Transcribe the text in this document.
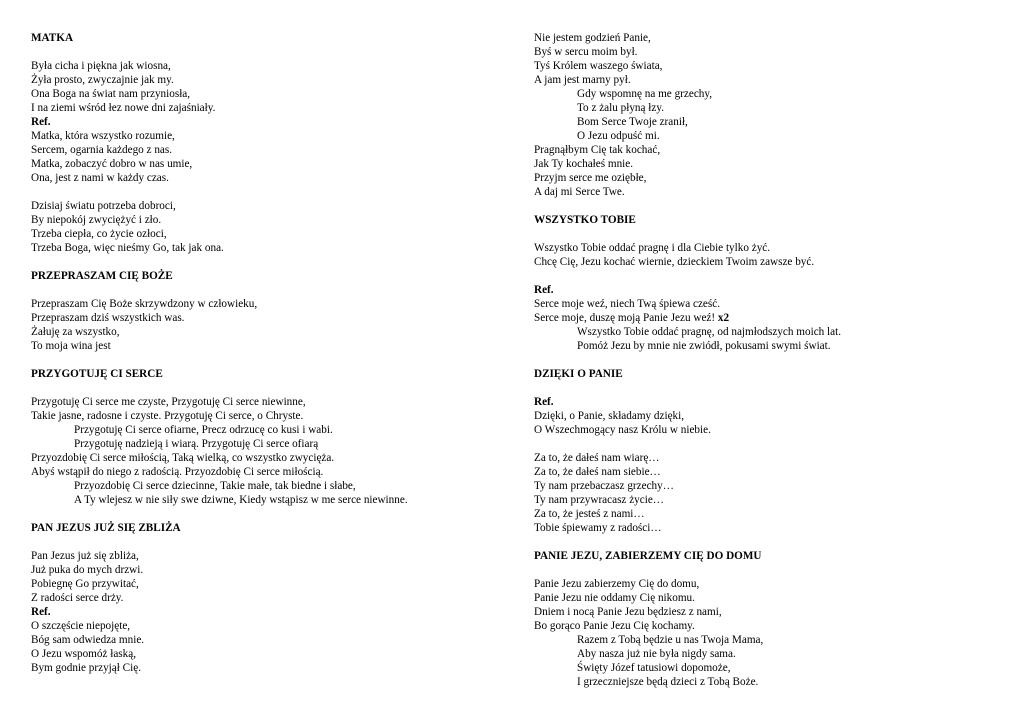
MATKA
Była cicha i piękna jak wiosna,
Żyła prosto, zwyczajnie jak my.
Ona Boga na świat nam przyniosła,
I na ziemi wśród łez nowe dni zajaśniały.
Ref.
Matka, która wszystko rozumie,
Sercem, ogarnia każdego z nas.
Matka, zobaczyć dobro w nas umie,
Ona, jest z nami w każdy czas.
Dzisiaj światu potrzeba dobroci,
By niepokój zwyciężyć i zło.
Trzeba ciepła, co życie ozłoci,
Trzeba Boga, więc nieśmy Go, tak jak ona.
PRZEPRASZAM CIĘ BOŻE
Przepraszam Cię Boże skrzywdzony w człowieku,
Przepraszam dziś wszystkich was.
Żałuję za wszystko,
To moja wina jest
PRZYGOTUJĘ CI SERCE
Przygotuję Ci serce me czyste, Przygotuję Ci serce niewinne,
Takie jasne, radosne i czyste. Przygotuję Ci serce, o Chryste.
Przygotuję Ci serce ofiarne, Precz odrzucę co kusi i wabi.
Przygotuję nadzieją i wiarą. Przygotuję Ci serce ofiarą
Przyozdobię Ci serce miłością, Taką wielką, co wszystko zwycięża.
Abyś wstąpił do niego z radością. Przyozdobię Ci serce miłością.
Przyozdobię Ci serce dziecinne, Takie małe, tak biedne i słabe,
A Ty wlejesz w nie siły swe dziwne, Kiedy wstąpisz w me serce niewinne.
PAN JEZUS JUŻ SIĘ ZBLIŻA
Pan Jezus już się zbliża,
Już puka do mych drzwi.
Pobiegnę Go przywitać,
Z radości serce drży.
Ref.
O szczęście niepojęte,
Bóg sam odwiedza mnie.
O Jezu wspomóż łaską,
Bym godnie przyjął Cię.
Nie jestem godzień Panie,
Byś w sercu moim był.
Tyś Królem waszego świata,
A jam jest marny pył.
Gdy wspomnę na me grzechy,
To z żalu płyną łzy.
Bom Serce Twoje zranił,
O Jezu odpuść mi.
Pragnąłbym Cię tak kochać,
Jak Ty kochałeś mnie.
Przyjm serce me oziębłe,
A daj mi Serce Twe.
WSZYSTKO TOBIE
Wszystko Tobie oddać pragnę i dla Ciebie tylko żyć.
Chcę Cię, Jezu kochać wiernie, dzieckiem Twoim zawsze być.
Ref.
Serce moje weź, niech Twą śpiewa cześć.
Serce moje, duszę moją Panie Jezu weź! x2
Wszystko Tobie oddać pragnę, od najmłodszych moich lat.
Pomóż Jezu by mnie nie zwiódł, pokusami swymi świat.
DZIĘKI O PANIE
Ref.
Dzięki, o Panie, składamy dzięki,
O Wszechmogący nasz Królu w niebie.
Za to, że dałeś nam wiarę…
Za to, że dałeś nam siebie…
Ty nam przebaczasz grzechy…
Ty nam przywracasz życie…
Za to, że jesteś z nami…
Tobie śpiewamy z radości…
PANIE JEZU, ZABIERZEMY CIĘ DO DOMU
Panie Jezu zabierzemy Cię do domu,
Panie Jezu nie oddamy Cię nikomu.
Dniem i nocą Panie Jezu będziesz z nami,
Bo gorąco Panie Jezu Cię kochamy.
Razem z Tobą będzie u nas Twoja Mama,
Aby nasza już nie była nigdy sama.
Święty Józef tatusiowi dopomoże,
I grzeczniejsze będą dzieci z Tobą Boże.
